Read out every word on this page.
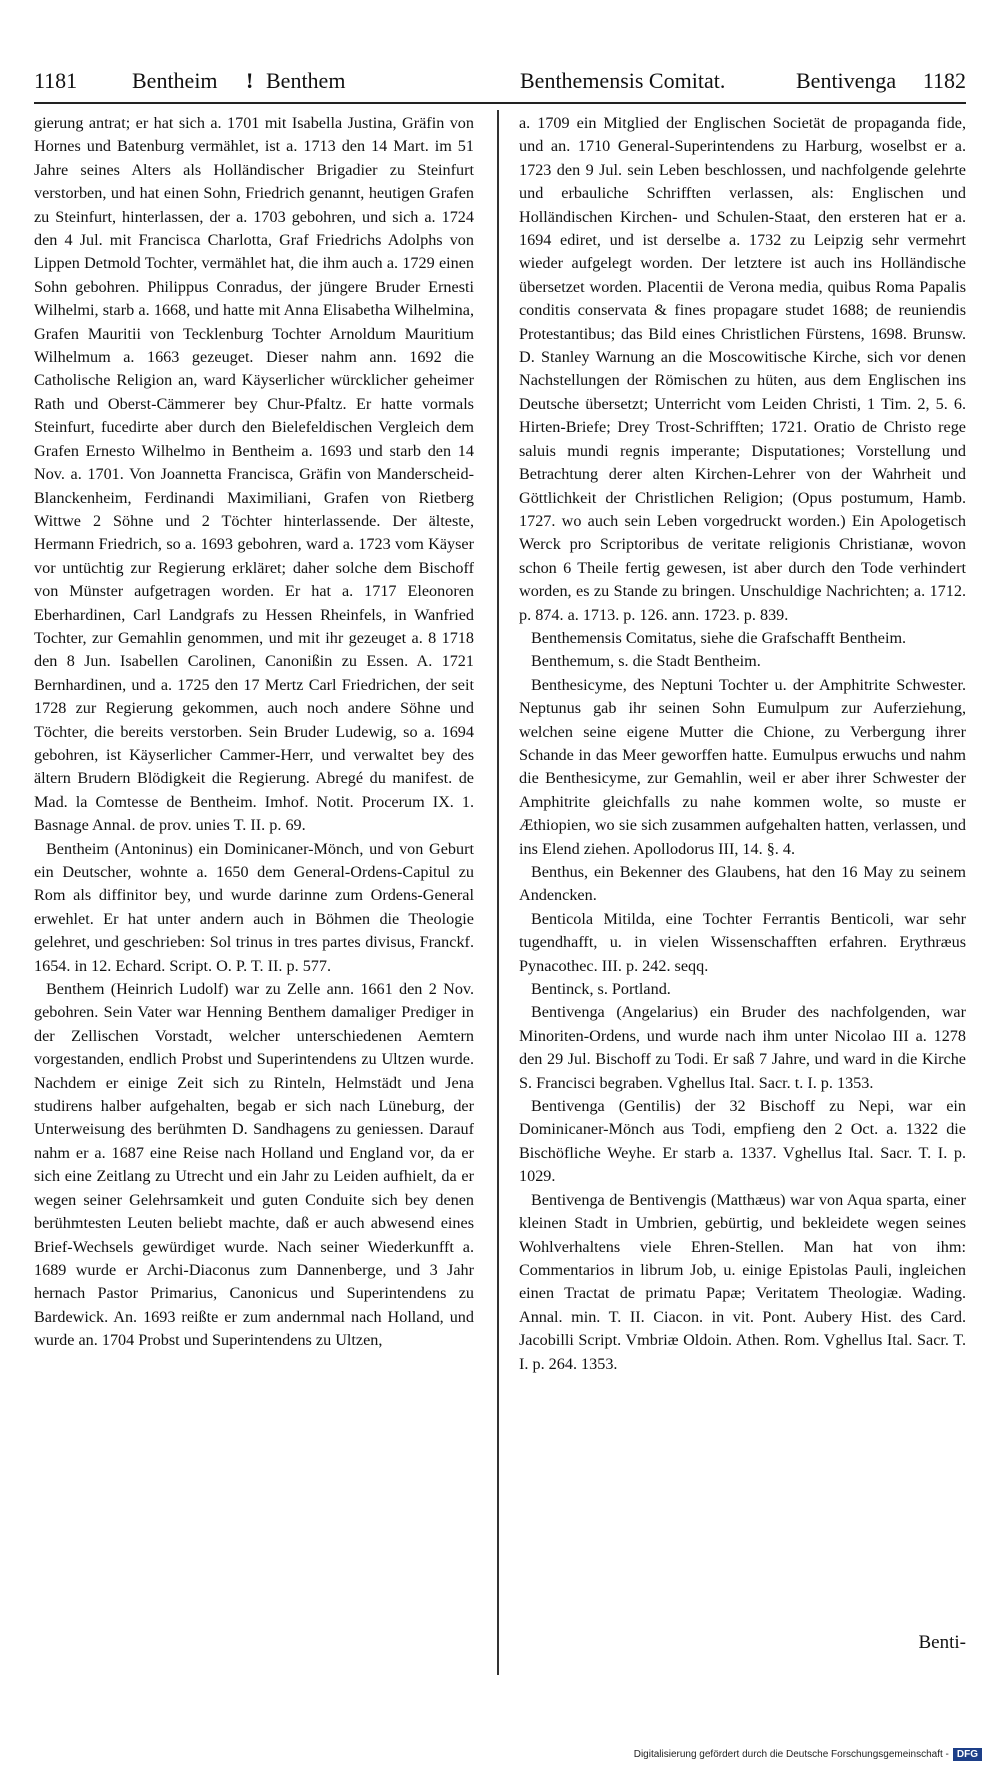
1181 Bentheim ! Benthem	Benthemensis Comitat.	Bentivenga 1182

gierung antrat; er hat sich a. 1701 mit Isabella Justina, Gräfin von Hornes und Batenburg vermählet, ist a. 1713 den 14 Mart. im 51 Jahre seines Alters als Holländischer Brigadier zu Steinfurt verstorben, und hat einen Sohn, Friedrich genannt, heutigen Grafen zu Steinfurt, hinterlassen, der a. 1703 gebohren, und sich a. 1724 den 4 Jul. mit Francisca Charlotta, Graf Friedrichs Adolphs von Lippen Detmold Tochter, vermählet hat, die ihm auch a. 1729 einen Sohn gebohren. Philippus Conradus, der jüngere Bruder Ernesti Wilhelmi, starb a. 1668, und hatte mit Anna Elisabetha Wilhelmina, Grafen Mauritii von Tecklenburg Tochter Arnoldum Mauritium Wilhelmum a. 1663 gezeuget. Dieser nahm ann. 1692 die Catholische Religion an, ward Käyserlicher würcklicher geheimer Rath und Oberst-Cämmerer bey Chur-Pfaltz. Er hatte vormals Steinfurt, fucedirte aber durch den Bielefeldischen Vergleich dem Grafen Ernesto Wilhelmo in Bentheim a. 1693 und starb den 14 Nov. a. 1701. Von Joannetta Francisca, Gräfin von Manderscheid-Blanckenheim, Ferdinandi Maximiliani, Grafen von Rietberg Wittwe 2 Söhne und 2 Töchter hinterlassende. Der älteste, Hermann Friedrich, so a. 1693 gebohren, ward a. 1723 vom Käyser vor untüchtig zur Regierung erkläret; daher solche dem Bischoff von Münster aufgetragen worden. Er hat a. 1717 Eleonoren Eberhardinen, Carl Landgrafs zu Hessen Rheinfels, in Wanfried Tochter, zur Gemahlin genommen, und mit ihr gezeuget a. 8 1718 den 8 Jun. Isabellen Carolinen, Canonißin zu Essen. A. 1721 Bernhardinen, und a. 1725 den 17 Mertz Carl Friedrichen, der seit 1728 zur Regierung gekommen, auch noch andere Söhne und Töchter, die bereits verstorben. Sein Bruder Ludewig, so a. 1694 gebohren, ist Käyserlicher Cammer-Herr, und verwaltet bey des ältern Brudern Blödigkeit die Regierung. Abregé du manifest. de Mad. la Comtesse de Bentheim. Imhof. Notit. Procerum IX. 1. Basnage Annal. de prov. unies T. II. p. 69.

Bentheim (Antoninus) ein Dominicaner-Mönch, und von Geburt ein Deutscher, wohnte a. 1650 dem General-Ordens-Capitul zu Rom als diffinitor bey, und wurde darinne zum Ordens-General erwehlet. Er hat unter andern auch in Böhmen die Theologie gelehret, und geschrieben: Sol trinus in tres partes divisus, Franckf. 1654. in 12. Echard. Script. O. P. T. II. p. 577.

Benthem (Heinrich Ludolf) war zu Zelle ann. 1661 den 2 Nov. gebohren. Sein Vater war Henning Benthem damaliger Prediger in der Zellischen Vorstadt, welcher unterschiedenen Aemtern vorgestanden, endlich Probst und Superintendens zu Ultzen wurde. Nachdem er einige Zeit sich zu Rinteln, Helmstädt und Jena studirens halber aufgehalten, begab er sich nach Lüneburg, der Unterweisung des berühmten D. Sandhagens zu geniessen. Darauf nahm er a. 1687 eine Reise nach Holland und England vor, da er sich eine Zeitlang zu Utrecht und ein Jahr zu Leiden aufhielt, da er wegen seiner Gelehrsamkeit und guten Conduite sich bey denen berühmtesten Leuten beliebt machte, daß er auch abwesend eines Brief-Wechsels gewürdiget wurde. Nach seiner Wiederkunfft a. 1689 wurde er Archi-Diaconus zum Dannenberge, und 3 Jahr hernach Pastor Primarius, Canonicus und Superintendens zu Bardewick. An. 1693 reißte er zum andernmal nach Holland, und wurde an. 1704 Probst und Superintendens zu Ultzen,

a. 1709 ein Mitglied der Englischen Societät de propaganda fide, und an. 1710 General-Superintendens zu Harburg, woselbst er a. 1723 den 9 Jul. sein Leben beschlossen, und nachfolgende gelehrte und erbauliche Schrifften verlassen, als: Englischen und Holländischen Kirchen- und Schulen-Staat, den ersteren hat er a. 1694 ediret, und ist derselbe a. 1732 zu Leipzig sehr vermehrt wieder aufgelegt worden. Der letztere ist auch ins Holländische übersetzet worden. Placentii de Verona media, quibus Roma Papalis conditis conservata & fines propagare studet 1688; de reuniendis Protestantibus; das Bild eines Christlichen Fürstens, 1698. Brunsw. D. Stanley Warnung an die Moscowitische Kirche, sich vor denen Nachstellungen der Römischen zu hüten, aus dem Englischen ins Deutsche übersetzt; Unterricht vom Leiden Christi, 1 Tim. 2, 5. 6. Hirten-Briefe; Drey Trost-Schrifften; 1721. Oratio de Christo rege saluis mundi regnis imperante; Disputationes; Vorstellung und Betrachtung derer alten Kirchen-Lehrer von der Wahrheit und Göttlichkeit der Christlichen Religion; (Opus postumum, Hamb. 1727. wo auch sein Leben vorgedruckt worden.) Ein Apologetisch Werck pro Scriptoribus de veritate religionis Christianæ, wovon schon 6 Theile fertig gewesen, ist aber durch den Tode verhindert worden, es zu Stande zu bringen. Unschuldige Nachrichten; a. 1712. p. 874. a. 1713. p. 126. ann. 1723. p. 839.

Benthemensis Comitatus, siehe die Grafschafft Bentheim.

Benthemum, s. die Stadt Bentheim.

Benthesicyme, des Neptuni Tochter u. der Amphitrite Schwester. Neptunus gab ihr seinen Sohn Eumulpum zur Auferziehung, welchen seine eigene Mutter die Chione, zu Verbergung ihrer Schande in das Meer geworffen hatte. Eumulpus erwuchs und nahm die Benthesicyme, zur Gemahlin, weil er aber ihrer Schwester der Amphitrite gleichfalls zu nahe kommen wolte, so muste er Æthiopien, wo sie sich zusammen aufgehalten hatten, verlassen, und ins Elend ziehen. Apollodorus III, 14. §. 4.

Benthus, ein Bekenner des Glaubens, hat den 16 May zu seinem Andencken.

Benticola Mitilda, eine Tochter Ferrantis Benticoli, war sehr tugendhafft, u. in vielen Wissenschafften erfahren. Erythræus Pynacothec. III. p. 242. seqq.

Bentinck, s. Portland.

Bentivenga (Angelarius) ein Bruder des nachfolgenden, war Minoriten-Ordens, und wurde nach ihm unter Nicolao III a. 1278 den 29 Jul. Bischoff zu Todi. Er saß 7 Jahre, und ward in die Kirche S. Francisci begraben. Vghellus Ital. Sacr. t. I. p. 1353.

Bentivenga (Gentilis) der 32 Bischoff zu Nepi, war ein Dominicaner-Mönch aus Todi, empfieng den 2 Oct. a. 1322 die Bischöfliche Weyhe. Er starb a. 1337. Vghellus Ital. Sacr. T. I. p. 1029.

Bentivenga de Bentivengis (Matthæus) war von Aqua sparta, einer kleinen Stadt in Umbrien, gebürtig, und bekleidete wegen seines Wohlverhaltens viele Ehren-Stellen. Man hat von ihm: Commentarios in librum Job, u. einige Epistolas Pauli, ingleichen einen Tractat de primatu Papæ; Veritatem Theologiæ. Wading. Annal. min. T. II. Ciacon. in vit. Pont. Aubery Hist. des Card. Jacobilli Script. Vmbriæ Oldoin. Athen. Rom. Vghellus Ital. Sacr. T. I. p. 264. 1353.

Benti-
Digitalisierung gefördert durch die Deutsche Forschungsgemeinschaft - DFG
